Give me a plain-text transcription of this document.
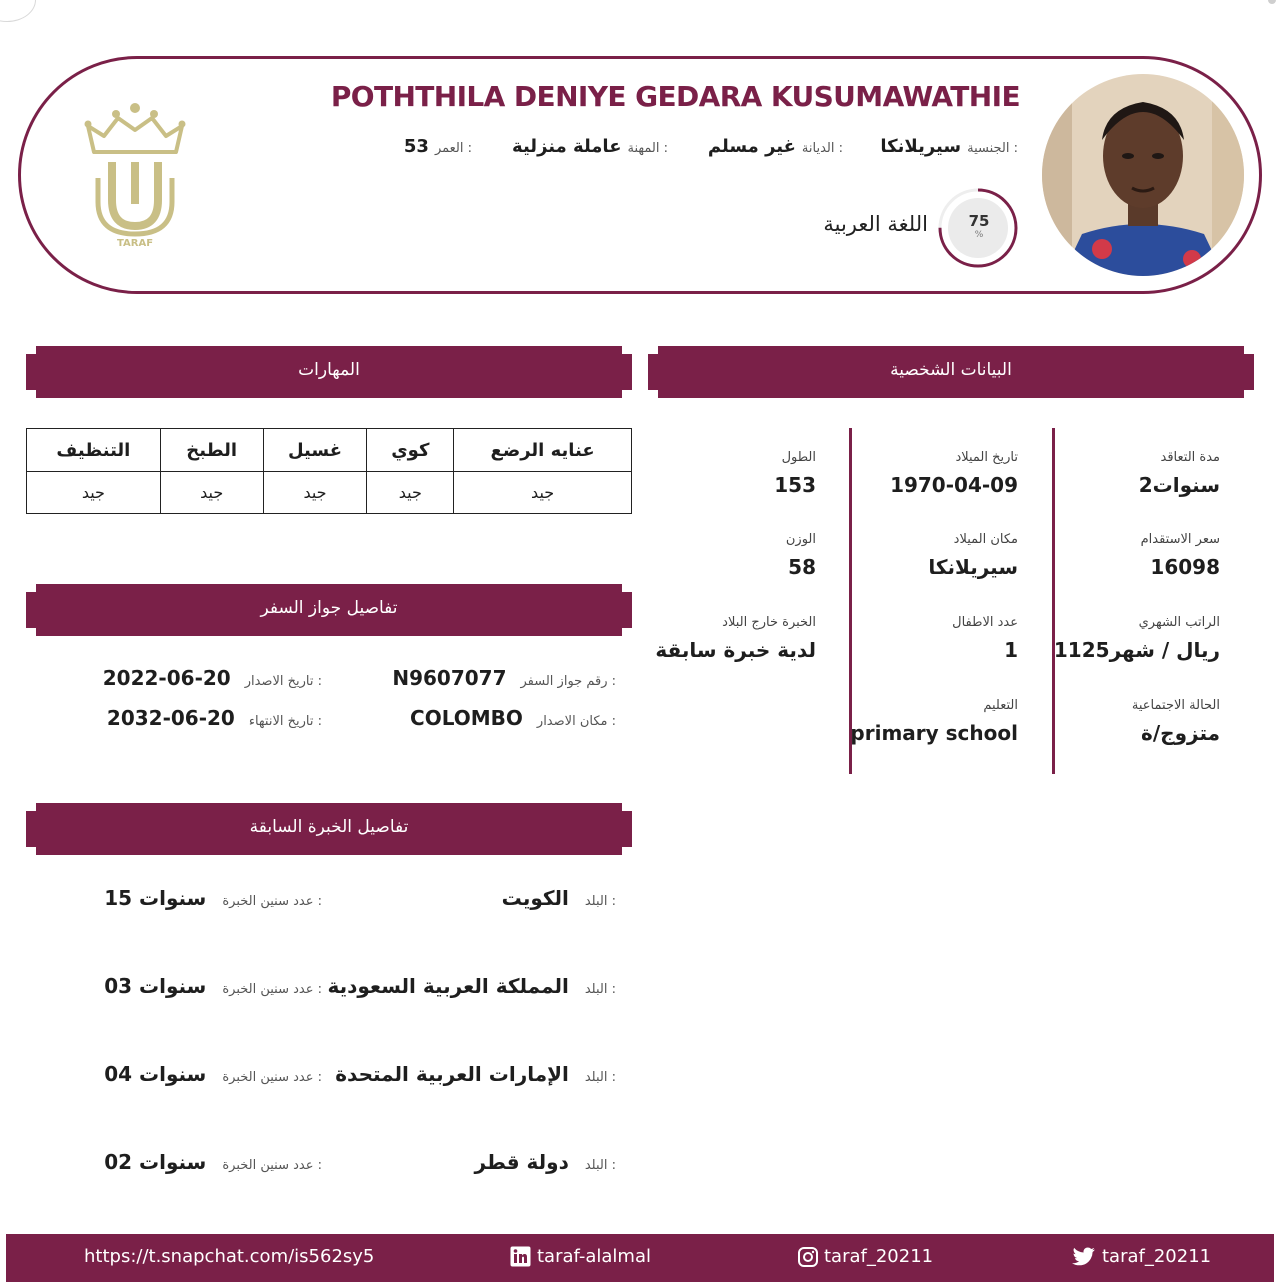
TARAF
POTHTHILA DENIYE GEDARA KUSUMAWATHIE
الجنسية :
سيريلانكا
الديانة :
غير مسلم
المهنة :
عاملة منزلية
العمر :
53
75
%
اللغة العربية
البيانات الشخصية
المهارات
تفاصيل جواز السفر
تفاصيل الخبرة السابقة
مدة التعاقد
2سنوات
سعر الاستقدام
16098
الراتب الشهري
1125ريال / شهر
الحالة الاجتماعية
متزوج/ة
تاريخ الميلاد
1970-04-09
مكان الميلاد
سيريلانكا
عدد الاطفال
1
التعليم
primary school
الطول
153
الوزن
58
الخبرة خارج البلاد
لدية خبرة سابقة
التنظيف	الطبخ	غسيل	كوي	عنايه الرضع
جيد	جيد	جيد	جيد	جيد
رقم جواز السفر :
N9607077
تاريخ الاصدار :
2022-06-20
مكان الاصدار :
COLOMBO
تاريخ الانتهاء :
2032-06-20
البلد :
الكويت
عدد سنين الخبرة :
15 سنوات
البلد :
المملكة العربية السعودية
عدد سنين الخبرة :
03 سنوات
البلد :
الإمارات العربية المتحدة
عدد سنين الخبرة :
04 سنوات
البلد :
دولة قطر
عدد سنين الخبرة :
02 سنوات
https://t.snapchat.com/is562sy5	taraf-alalmal	taraf_20211	taraf_20211
